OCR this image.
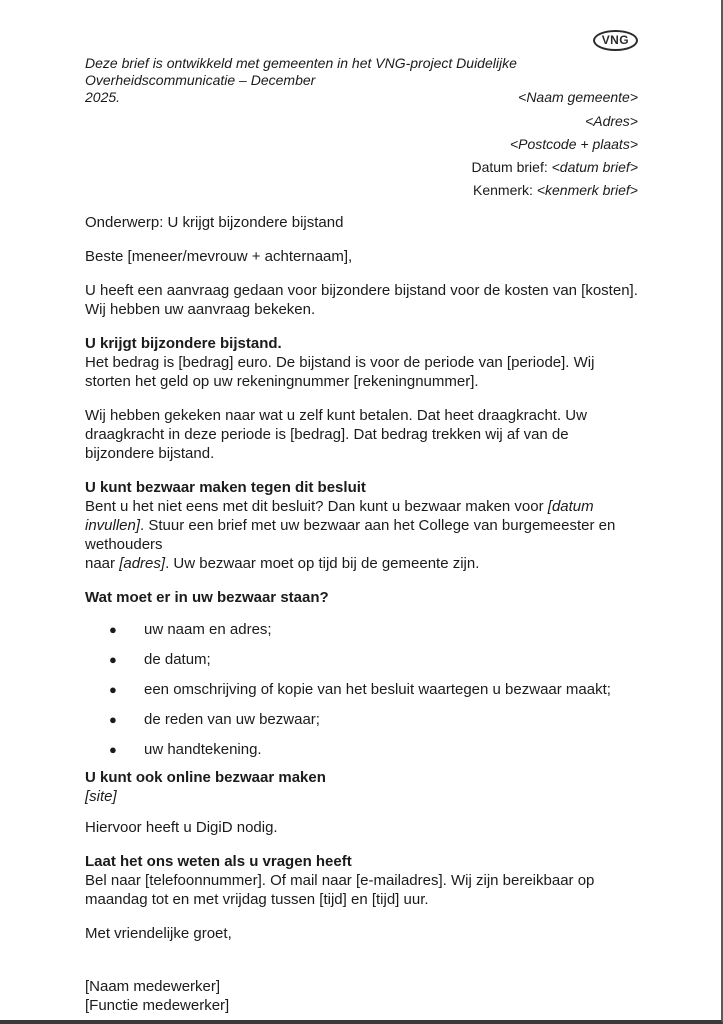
VNG

Deze brief is ontwikkeld met gemeenten in het VNG-project Duidelijke Overheidscommunicatie – December
2025.	<Naam gemeente>
<Adres>
<Postcode + plaats>
Datum brief: <datum brief>
Kenmerk: <kenmerk brief>

Onderwerp: U krijgt bijzondere bijstand

Beste [meneer/mevrouw + achternaam],

U heeft een aanvraag gedaan voor bijzondere bijstand voor de kosten van [kosten]. Wij hebben uw aanvraag bekeken.

U krijgt bijzondere bijstand.

Het bedrag is [bedrag] euro. De bijstand is voor de periode van [periode]. Wij storten het geld op uw rekeningnummer [rekeningnummer].

Wij hebben gekeken naar wat u zelf kunt betalen. Dat heet draagkracht. Uw draagkracht in deze periode is [bedrag]. Dat bedrag trekken wij af van de bijzondere bijstand.

U kunt bezwaar maken tegen dit besluit

Bent u het niet eens met dit besluit? Dan kunt u bezwaar maken voor [datum invullen]. Stuur een brief met uw bezwaar aan het College van burgemeester en wethouders
naar [adres]. Uw bezwaar moet op tijd bij de gemeente zijn.

Wat moet er in uw bezwaar staan?

●	uw naam en adres;
●	de datum;
●	een omschrijving of kopie van het besluit waartegen u bezwaar maakt;
●	de reden van uw bezwaar;
●	uw handtekening.

U kunt ook online bezwaar maken

[site]

Hiervoor heeft u DigiD nodig.

Laat het ons weten als u vragen heeft

Bel naar [telefoonnummer]. Of mail naar [e-mailadres]. Wij zijn bereikbaar op maandag tot en met vrijdag tussen [tijd] en [tijd] uur.

Met vriendelijke groet,

[Naam medewerker]

[Functie medewerker]
